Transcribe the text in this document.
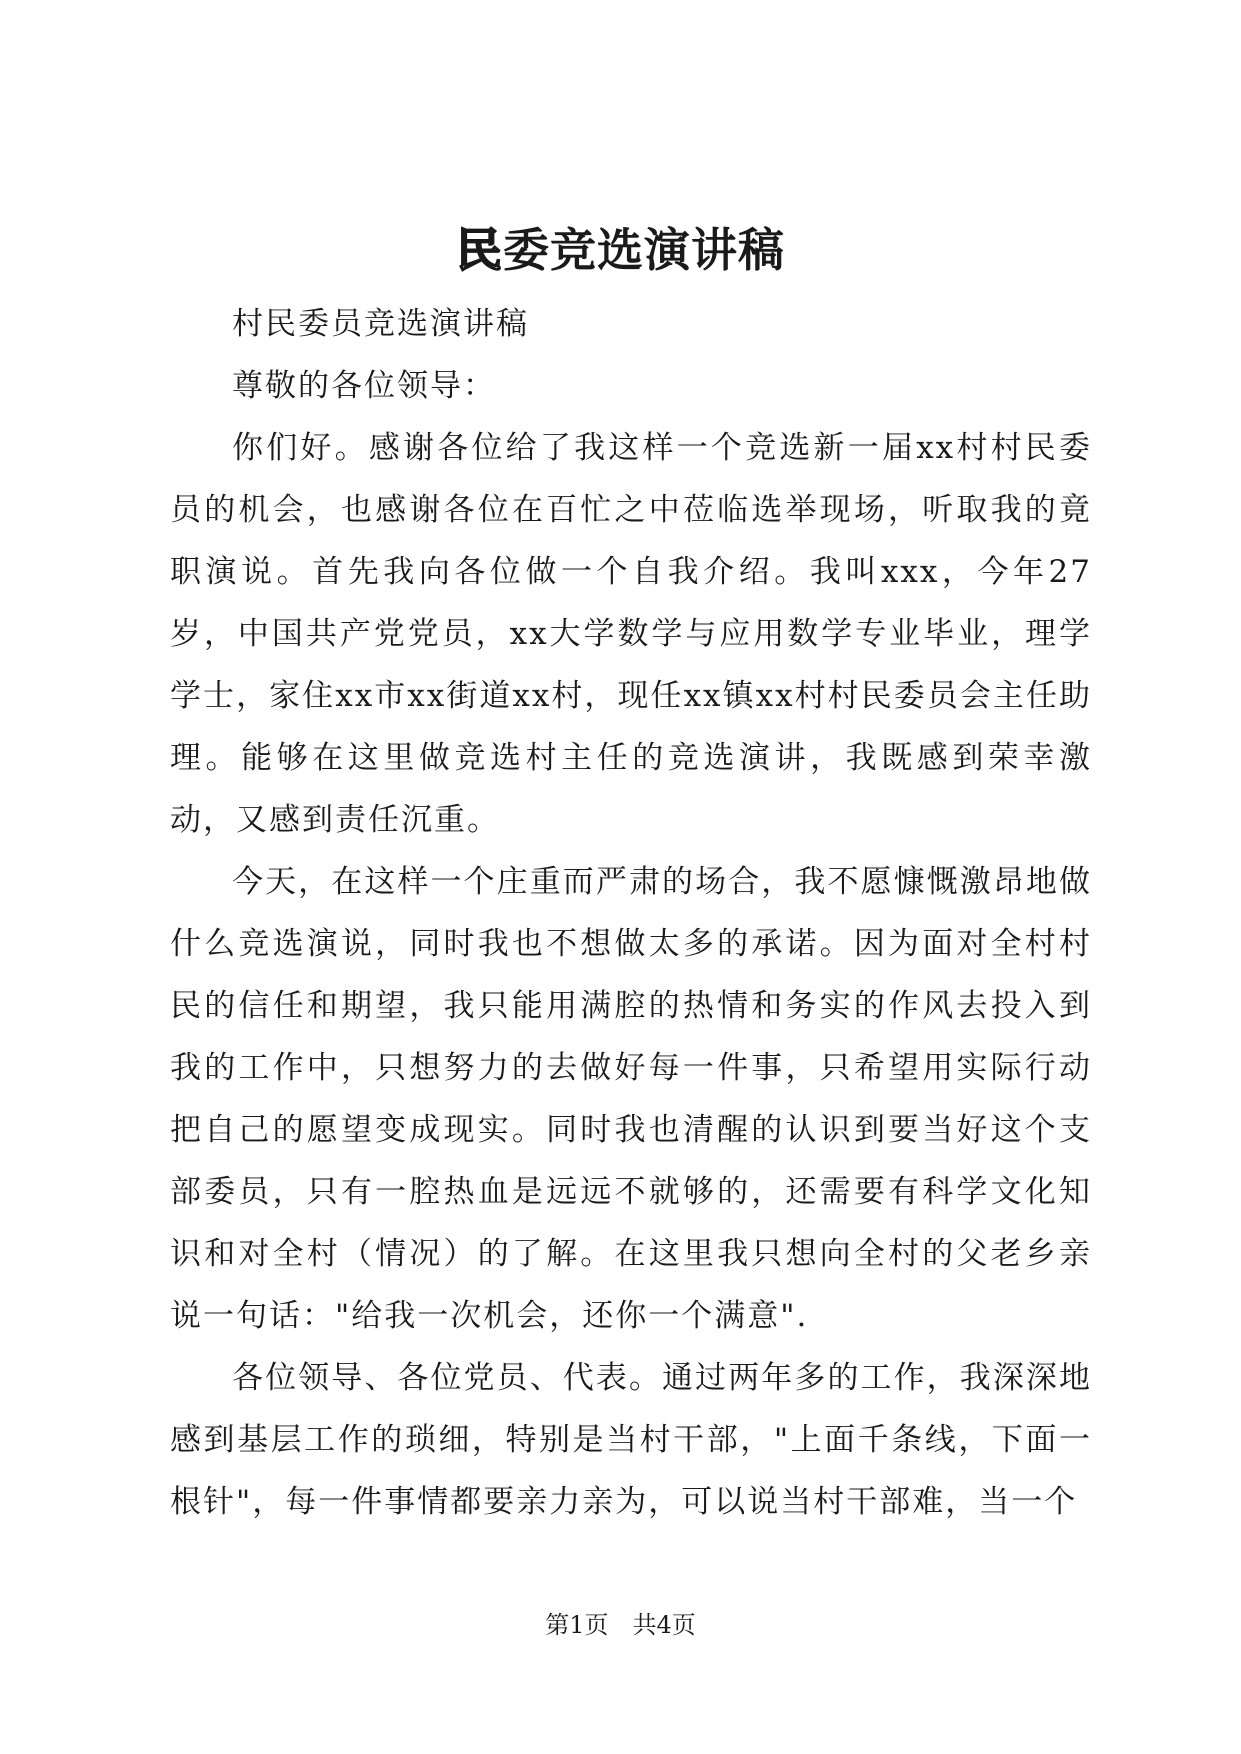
民委竞选演讲稿

村民委员竞选演讲稿

尊敬的各位领导：

你们好。感谢各位给了我这样一个竞选新一届xx村村民委员的机会，也感谢各位在百忙之中莅临选举现场，听取我的竟职演说。首先我向各位做一个自我介绍。我叫xxx，今年27岁，中国共产党党员，xx大学数学与应用数学专业毕业，理学学士，家住xx市xx街道xx村，现任xx镇xx村村民委员会主任助理。能够在这里做竞选村主任的竞选演讲，我既感到荣幸激动，又感到责任沉重。

今天，在这样一个庄重而严肃的场合，我不愿慷慨激昂地做什么竞选演说，同时我也不想做太多的承诺。因为面对全村村民的信任和期望，我只能用满腔的热情和务实的作风去投入到我的工作中，只想努力的去做好每一件事，只希望用实际行动把自己的愿望变成现实。同时我也清醒的认识到要当好这个支部委员，只有一腔热血是远远不就够的，还需要有科学文化知识和对全村（情况）的了解。在这里我只想向全村的父老乡亲说一句话："给我一次机会，还你一个满意".

各位领导、各位党员、代表。通过两年多的工作，我深深地感到基层工作的琐细，特别是当村干部，"上面千条线，下面一根针"，每一件事情都要亲力亲为，可以说当村干部难，当一个

第1页 共4页
